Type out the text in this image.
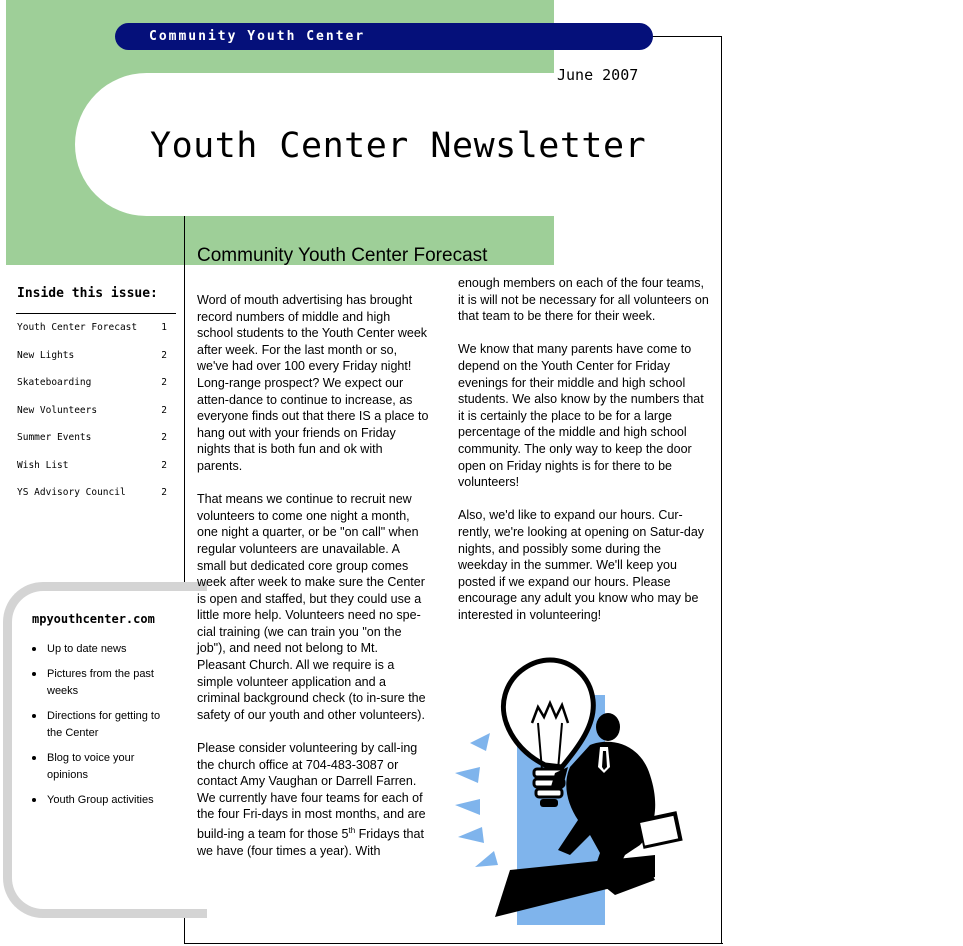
Community Youth Center
June 2007
Youth Center Newsletter
Inside this issue:
Youth Center Forecast	1
New Lights	2
Skateboarding	2
New Volunteers	2
Summer Events	2
Wish List	2
YS Advisory Council	2
mpyouthcenter.com
Up to date news
Pictures from the past weeks
Directions for getting to the Center
Blog to voice your opinions
Youth Group activities
Community Youth Center Forecast

Word of mouth advertising has brought record numbers of middle and high school students to the Youth Center week after week. For the last month or so, we've had over 100 every Friday night! Long-range prospect? We expect our atten-dance to continue to increase, as everyone finds out that there IS a place to hang out with your friends on Friday nights that is both fun and ok with parents.

That means we continue to recruit new volunteers to come one night a month, one night a quarter, or be "on call" when regular volunteers are unavailable. A small but dedicated core group comes week after week to make sure the Center is open and staffed, but they could use a little more help. Volunteers need no spe-cial training (we can train you "on the job"), and need not belong to Mt. Pleasant Church. All we require is a simple volunteer application and a criminal background check (to in-sure the safety of our youth and other volunteers).

Please consider volunteering by call-ing the church office at 704-483-3087 or contact Amy Vaughan or Darrell Farren. We currently have four teams for each of the four Fri-days in most months, and are build-ing a team for those 5th Fridays that we have (four times a year). With

enough members on each of the four teams, it is will not be necessary for all volunteers on that team to be there for their week.

We know that many parents have come to depend on the Youth Center for Friday evenings for their middle and high school students. We also know by the numbers that it is certainly the place to be for a large percentage of the middle and high school community. The only way to keep the door open on Friday nights is for there to be volunteers!

Also, we'd like to expand our hours. Cur-rently, we're looking at opening on Satur-day nights, and possibly some during the weekday in the summer. We'll keep you posted if we expand our hours. Please encourage any adult you know who may be interested in volunteering!
